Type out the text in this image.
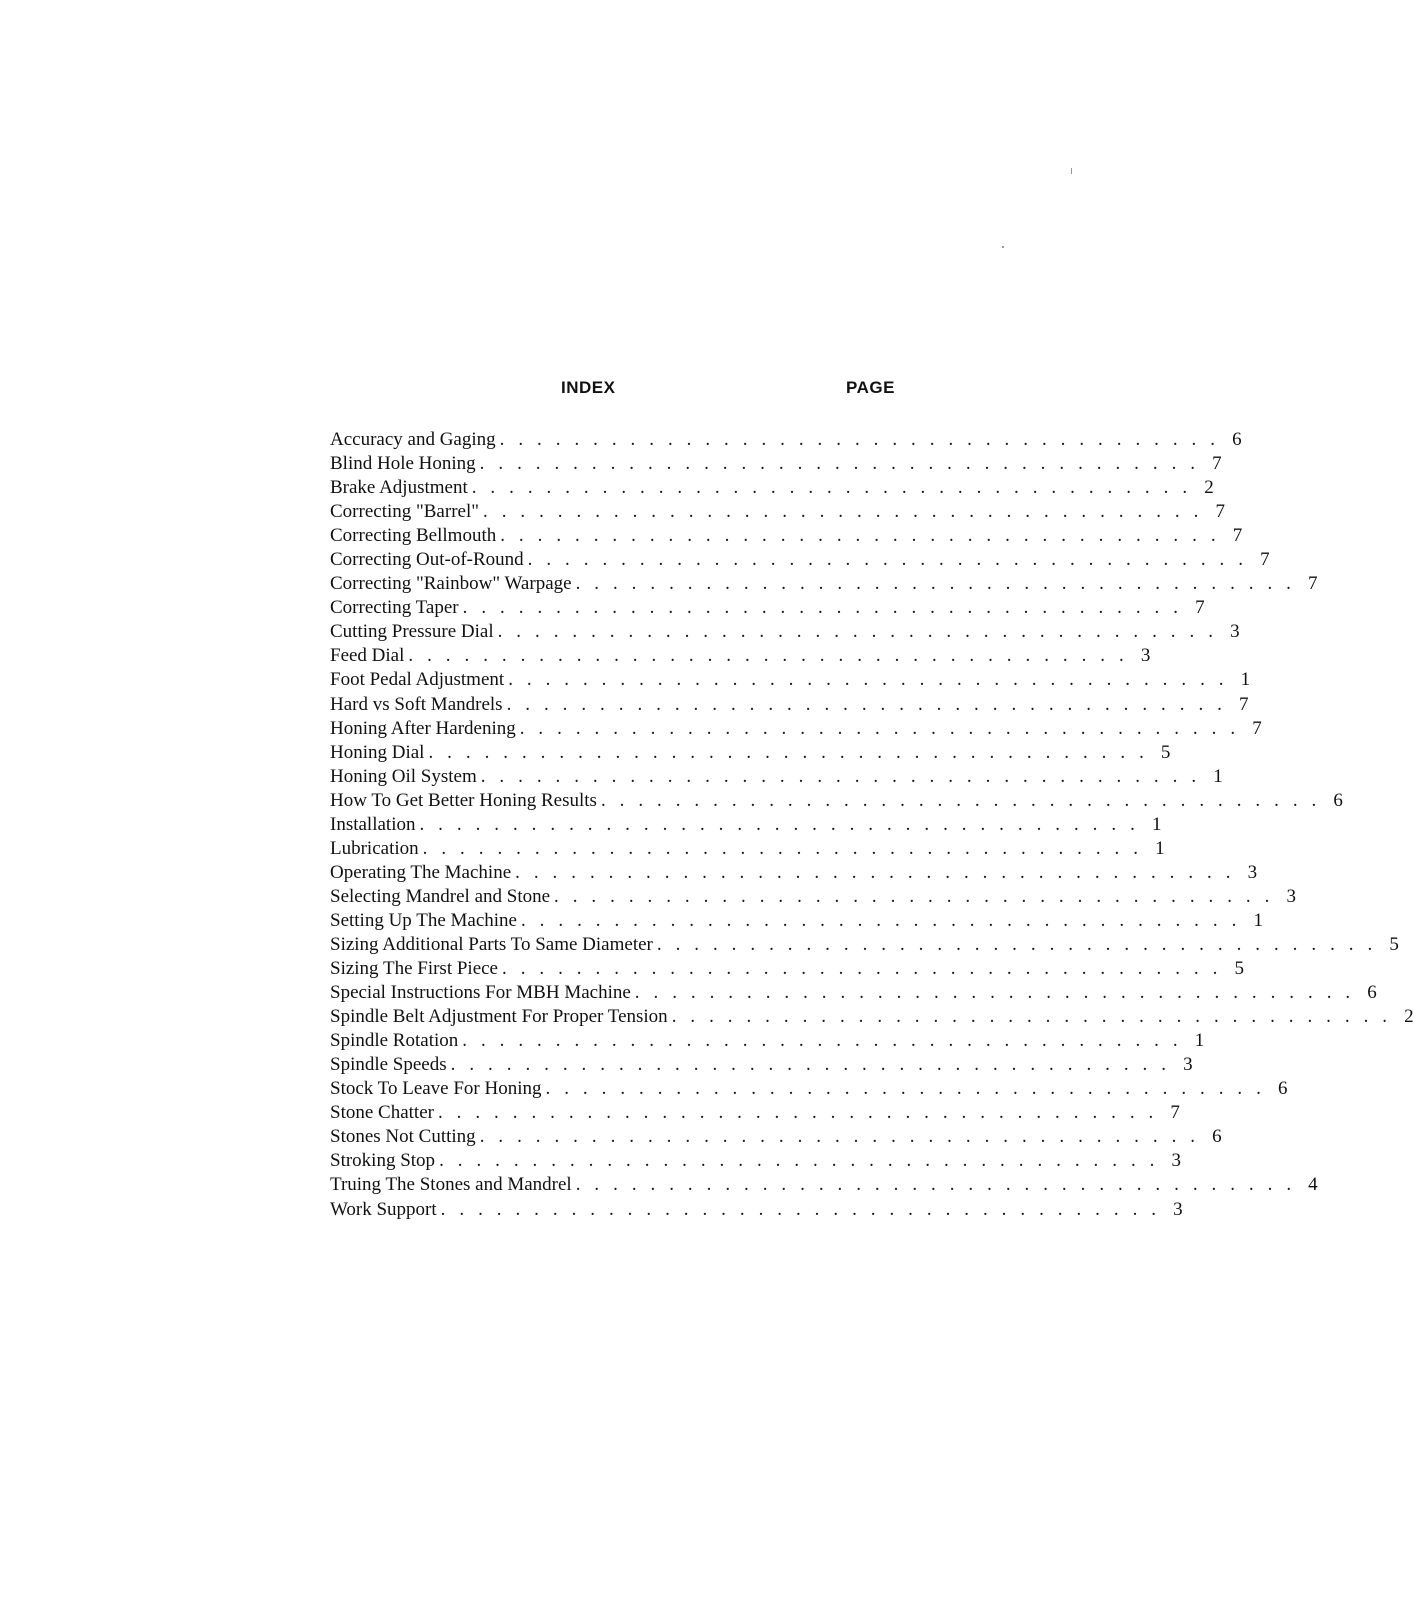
INDEX	PAGE
Accuracy and Gaging . . . . . . . . . . . . . . . . . . . . . . . . . . . . . . . . . . . . . . . 6
Blind Hole Honing . . . . . . . . . . . . . . . . . . . . . . . . . . . . . . . . . . . . . . . 7
Brake Adjustment . . . . . . . . . . . . . . . . . . . . . . . . . . . . . . . . . . . . . . . 2
Correcting "Barrel" . . . . . . . . . . . . . . . . . . . . . . . . . . . . . . . . . . . . . . . 7
Correcting Bellmouth . . . . . . . . . . . . . . . . . . . . . . . . . . . . . . . . . . . . . . . 7
Correcting Out-of-Round . . . . . . . . . . . . . . . . . . . . . . . . . . . . . . . . . . . . . . . 7
Correcting "Rainbow" Warpage . . . . . . . . . . . . . . . . . . . . . . . . . . . . . . . . . . . . . . . 7
Correcting Taper . . . . . . . . . . . . . . . . . . . . . . . . . . . . . . . . . . . . . . . 7
Cutting Pressure Dial . . . . . . . . . . . . . . . . . . . . . . . . . . . . . . . . . . . . . . . 3
Feed Dial . . . . . . . . . . . . . . . . . . . . . . . . . . . . . . . . . . . . . . . 3
Foot Pedal Adjustment . . . . . . . . . . . . . . . . . . . . . . . . . . . . . . . . . . . . . . . 1
Hard vs Soft Mandrels . . . . . . . . . . . . . . . . . . . . . . . . . . . . . . . . . . . . . . . 7
Honing After Hardening . . . . . . . . . . . . . . . . . . . . . . . . . . . . . . . . . . . . . . . 7
Honing Dial . . . . . . . . . . . . . . . . . . . . . . . . . . . . . . . . . . . . . . . 5
Honing Oil System . . . . . . . . . . . . . . . . . . . . . . . . . . . . . . . . . . . . . . . 1
How To Get Better Honing Results . . . . . . . . . . . . . . . . . . . . . . . . . . . . . . . . . . . . . . . 6
Installation . . . . . . . . . . . . . . . . . . . . . . . . . . . . . . . . . . . . . . . 1
Lubrication . . . . . . . . . . . . . . . . . . . . . . . . . . . . . . . . . . . . . . . 1
Operating The Machine . . . . . . . . . . . . . . . . . . . . . . . . . . . . . . . . . . . . . . . 3
Selecting Mandrel and Stone . . . . . . . . . . . . . . . . . . . . . . . . . . . . . . . . . . . . . . . 3
Setting Up The Machine . . . . . . . . . . . . . . . . . . . . . . . . . . . . . . . . . . . . . . . 1
Sizing Additional Parts To Same Diameter . . . . . . . . . . . . . . . . . . . . . . . . . . . . . . . . . . . . . . . 5
Sizing The First Piece . . . . . . . . . . . . . . . . . . . . . . . . . . . . . . . . . . . . . . . 5
Special Instructions For MBH Machine . . . . . . . . . . . . . . . . . . . . . . . . . . . . . . . . . . . . . . . 6
Spindle Belt Adjustment For Proper Tension . . . . . . . . . . . . . . . . . . . . . . . . . . . . . . . . . . . . . . . 2
Spindle Rotation . . . . . . . . . . . . . . . . . . . . . . . . . . . . . . . . . . . . . . . 1
Spindle Speeds . . . . . . . . . . . . . . . . . . . . . . . . . . . . . . . . . . . . . . . 3
Stock To Leave For Honing . . . . . . . . . . . . . . . . . . . . . . . . . . . . . . . . . . . . . . . 6
Stone Chatter . . . . . . . . . . . . . . . . . . . . . . . . . . . . . . . . . . . . . . . 7
Stones Not Cutting . . . . . . . . . . . . . . . . . . . . . . . . . . . . . . . . . . . . . . . 6
Stroking Stop . . . . . . . . . . . . . . . . . . . . . . . . . . . . . . . . . . . . . . . 3
Truing The Stones and Mandrel . . . . . . . . . . . . . . . . . . . . . . . . . . . . . . . . . . . . . . . 4
Work Support . . . . . . . . . . . . . . . . . . . . . . . . . . . . . . . . . . . . . . . 3
